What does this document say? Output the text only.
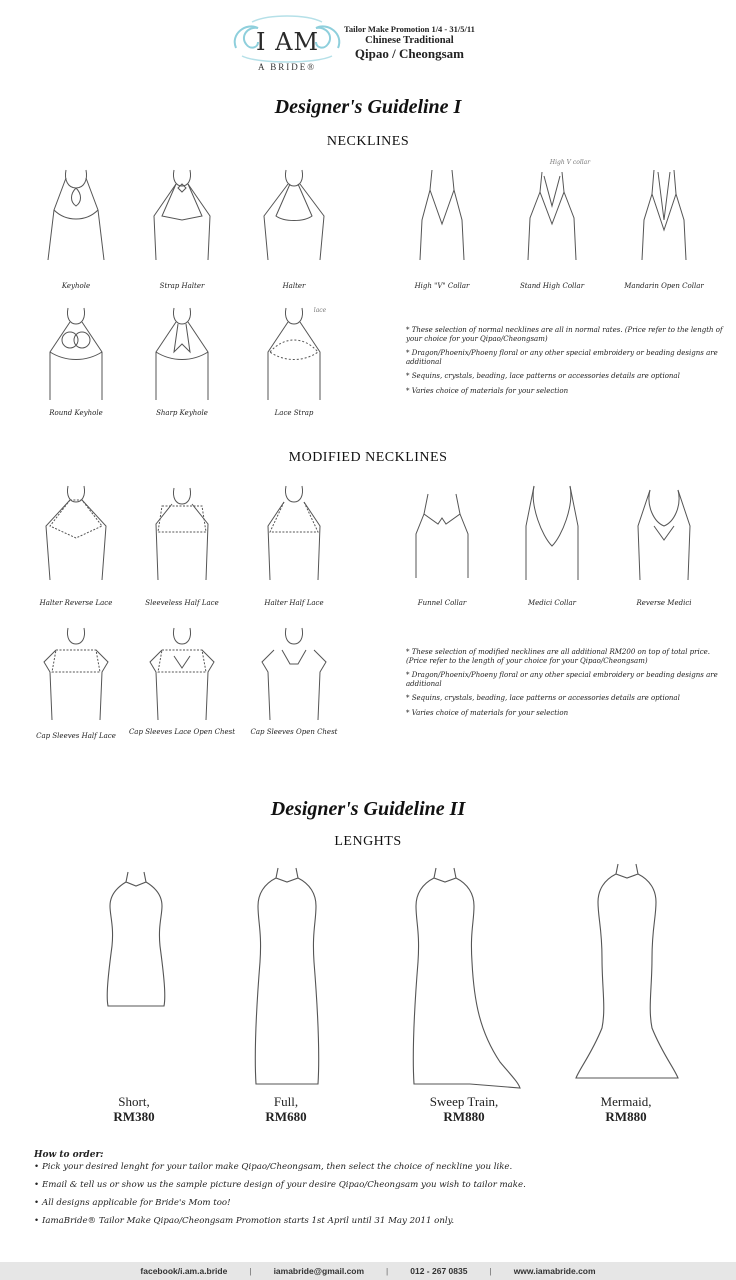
I AM
A BRIDE®
Tailor Make Promotion 1/4 - 31/5/11
Chinese Traditional
Qipao / Cheongsam
Designer's Guideline I
NECKLINES
Keyhole	Strap Halter	Halter	High "V" Collar	Stand High Collar
High V collar
Mandarin Open Collar
Round Keyhole	Sharp Keyhole	Lace Strap
lace

* These selection of normal necklines are all in normal rates. (Price refer to the length of your choice for your Qipao/Cheongsam)

* Dragon/Phoenix/Phoeny floral or any other special embroidery or beading designs are additional

* Sequins, crystals, beading, lace patterns or accessories details are optional

* Varies choice of materials for your selection

MODIFIED NECKLINES
Halter Reverse Lace	Sleeveless Half Lace	Halter Half Lace	Funnel Collar	Medici Collar	Reverse Medici
Cap Sleeves Half Lace	Cap Sleeves Lace Open Chest	Cap Sleeves Open Chest

* These selection of modified necklines are all additional RM200 on top of total price. (Price refer to the length of your choice for your Qipao/Cheongsam)

* Dragon/Phoenix/Phoeny floral or any other special embroidery or beading designs are additional

* Sequins, crystals, beading, lace patterns or accessories details are optional

* Varies choice of materials for your selection

Designer's Guideline II
LENGHTS
Short,
RM380
Full,
RM680
Sweep Train,
RM880
Mermaid,
RM880
How to order:
• Pick your desired lenght for your tailor make Qipao/Cheongsam, then select the choice of neckline you like.
• Email & tell us or show us the sample picture design of your desire Qipao/Cheongsam you wish to tailor make.
• All designs applicable for Bride's Mom too!
• IamaBride® Tailor Make Qipao/Cheongsam Promotion starts 1st April until 31 May 2011 only.
facebook/i.am.a.bride	|	iamabride@gmail.com	|	012 - 267 0835	|	www.iamabride.com
